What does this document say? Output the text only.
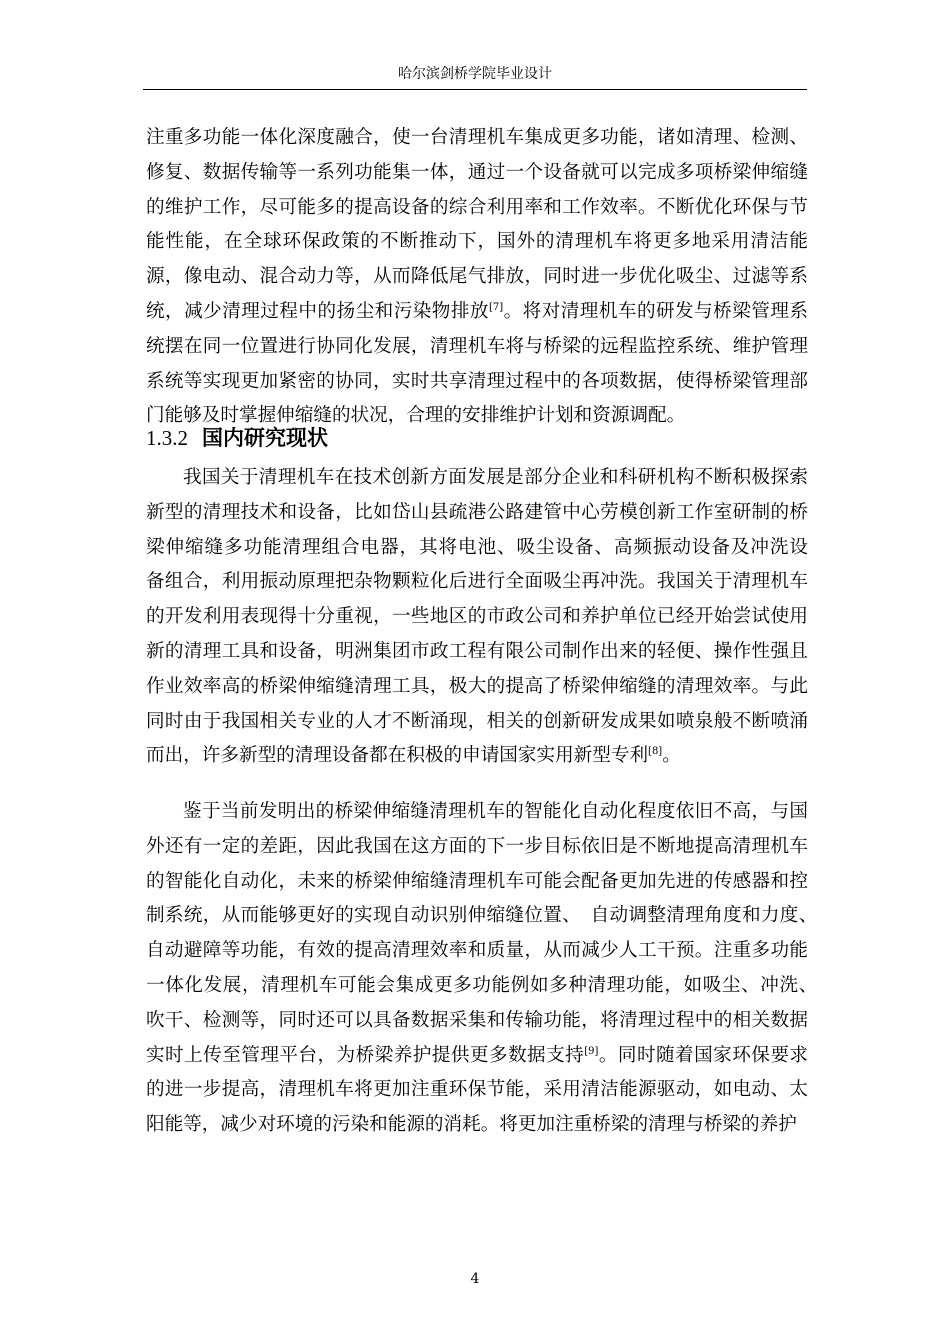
哈尔滨剑桥学院毕业设计

注重多功能一体化深度融合，使一台清理机车集成更多功能，诸如清理、检测、修复、数据传输等一系列功能集一体，通过一个设备就可以完成多项桥梁伸缩缝的维护工作，尽可能多的提高设备的综合利用率和工作效率。不断优化环保与节能性能，在全球环保政策的不断推动下，国外的清理机车将更多地采用清洁能源，像电动、混合动力等，从而降低尾气排放，同时进一步优化吸尘、过滤等系统，减少清理过程中的扬尘和污染物排放[7]。将对清理机车的研发与桥梁管理系统摆在同一位置进行协同化发展，清理机车将与桥梁的远程监控系统、维护管理系统等实现更加紧密的协同，实时共享清理过程中的各项数据，使得桥梁管理部门能够及时掌握伸缩缝的状况，合理的安排维护计划和资源调配。

1.3.2 国内研究现状

我国关于清理机车在技术创新方面发展是部分企业和科研机构不断积极探索新型的清理技术和设备，比如岱山县疏港公路建管中心劳模创新工作室研制的桥梁伸缩缝多功能清理组合电器，其将电池、吸尘设备、高频振动设备及冲洗设　备组合，利用振动原理把杂物颗粒化后进行全面吸尘再冲洗。我国关于清理机车　的开发利用表现得十分重视，一些地区的市政公司和养护单位已经开始尝试使用　新的清理工具和设备，明洲集团市政工程有限公司制作出来的轻便、操作性强且　作业效率高的桥梁伸缩缝清理工具，极大的提高了桥梁伸缩缝的清理效率。与此　同时由于我国相关专业的人才不断涌现，相关的创新研发成果如喷泉般不断喷涌　而出，许多新型的清理设备都在积极的申请国家实用新型专利[8]。

鉴于当前发明出的桥梁伸缩缝清理机车的智能化自动化程度依旧不高，与国外还有一定的差距，因此我国在这方面的下一步目标依旧是不断地提高清理机车的智能化自动化，未来的桥梁伸缩缝清理机车可能会配备更加先进的传感器和控制系统，从而能够更好的实现自动识别伸缩缝位置、　自动调整清理角度和力度、　自动避障等功能，有效的提高清理效率和质量，从而减少人工干预。注重多功能　一体化发展，清理机车可能会集成更多功能例如多种清理功能，如吸尘、冲洗、　吹干、检测等，同时还可以具备数据采集和传输功能，将清理过程中的相关数据　实时上传至管理平台，为桥梁养护提供更多数据支持[9]。同时随着国家环保要求　的进一步提高，清理机车将更加注重环保节能，采用清洁能源驱动，如电动、太　阳能等，减少对环境的污染和能源的消耗。将更加注重桥梁的清理与桥梁的养护

4
